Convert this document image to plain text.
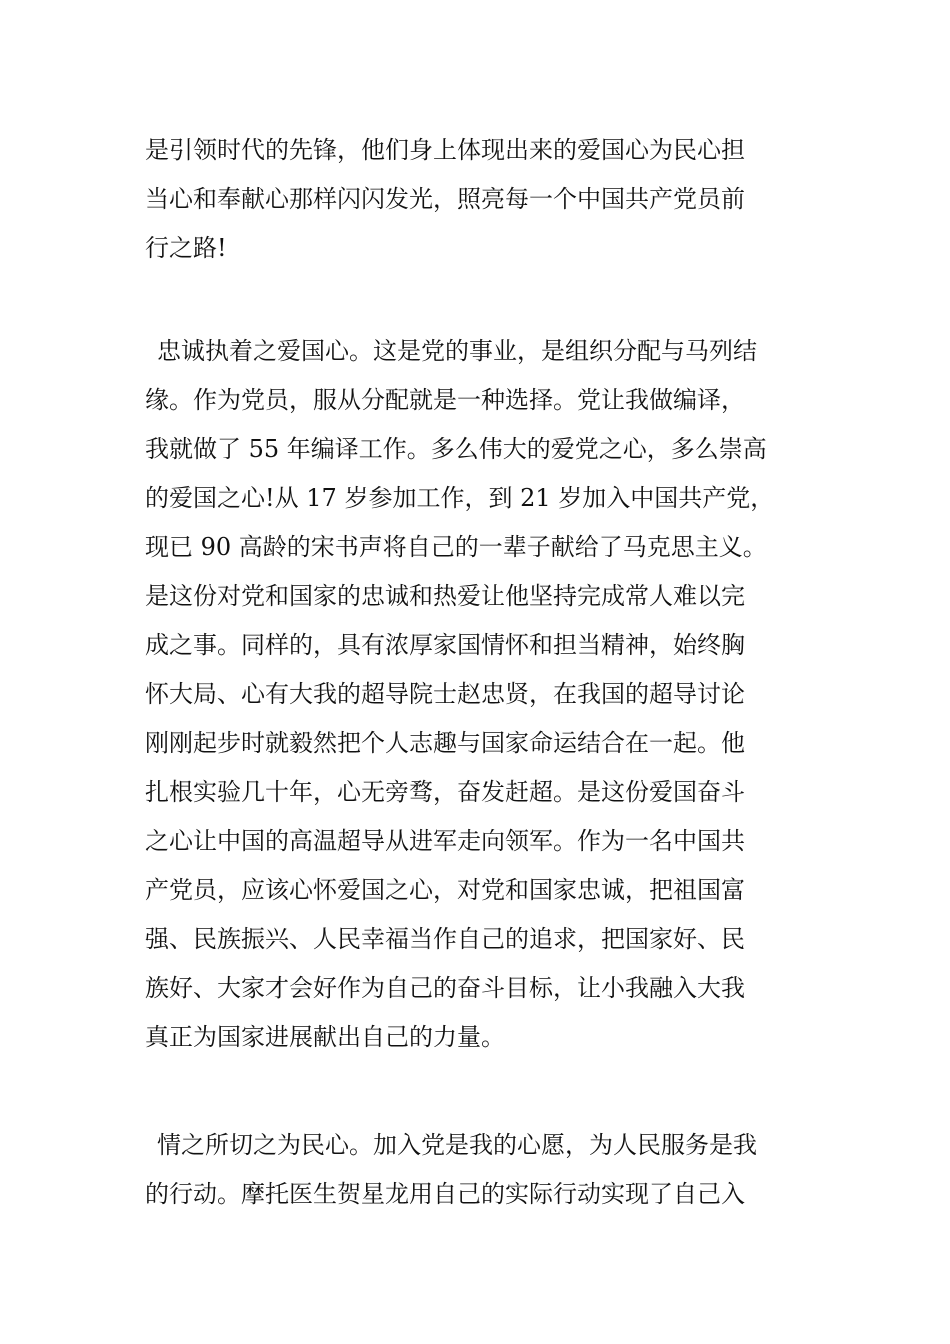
是引领时代的先锋，他们身上体现出来的爱国心为民心担
当心和奉献心那样闪闪发光，照亮每一个中国共产党员前
行之路!

忠诚执着之爱国心。这是党的事业，是组织分配与马列结
缘。作为党员，服从分配就是一种选择。党让我做编译，
我就做了 55 年编译工作。多么伟大的爱党之心，多么崇高
的爱国之心!从 17 岁参加工作，到 21 岁加入中国共产党，
现已 90 高龄的宋书声将自己的一辈子献给了马克思主义。
是这份对党和国家的忠诚和热爱让他坚持完成常人难以完
成之事。同样的，具有浓厚家国情怀和担当精神，始终胸
怀大局、心有大我的超导院士赵忠贤，在我国的超导讨论
刚刚起步时就毅然把个人志趣与国家命运结合在一起。他
扎根实验几十年，心无旁骛，奋发赶超。是这份爱国奋斗
之心让中国的高温超导从进军走向领军。作为一名中国共
产党员，应该心怀爱国之心，对党和国家忠诚，把祖国富
强、民族振兴、人民幸福当作自己的追求，把国家好、民
族好、大家才会好作为自己的奋斗目标，让小我融入大我
真正为国家进展献出自己的力量。

情之所切之为民心。加入党是我的心愿，为人民服务是我
的行动。摩托医生贺星龙用自己的实际行动实现了自己入
